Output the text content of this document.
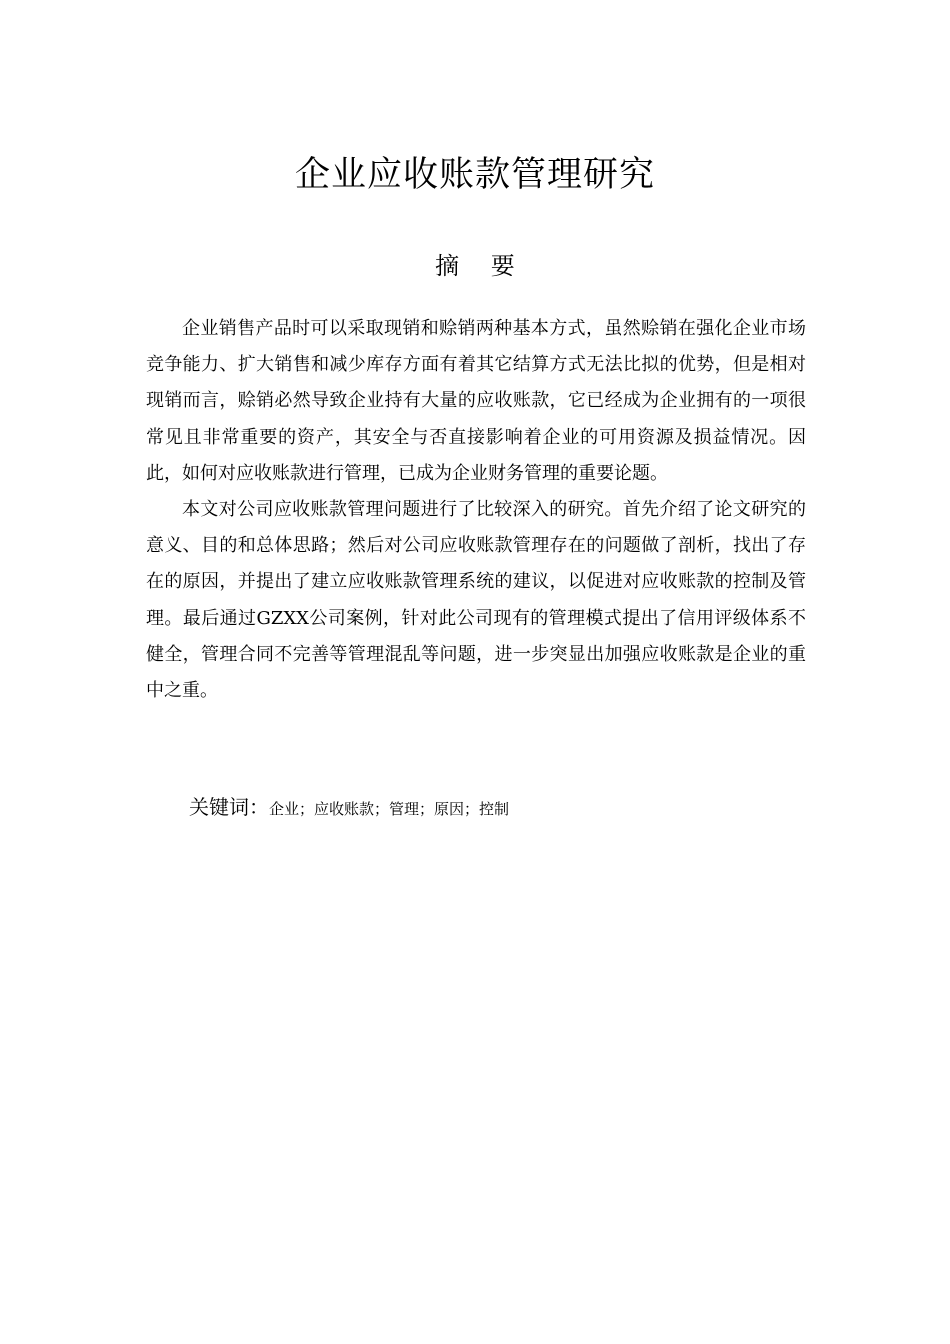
企业应收账款管理研究
摘 要

企业销售产品时可以采取现销和赊销两种基本方式，虽然赊销在强化企业市场竞争能力、扩大销售和减少库存方面有着其它结算方式无法比拟的优势，但是相对现销而言，赊销必然导致企业持有大量的应收账款，它已经成为企业拥有的一项很常见且非常重要的资产，其安全与否直接影响着企业的可用资源及损益情况。因此，如何对应收账款进行管理，已成为企业财务管理的重要论题。

本文对公司应收账款管理问题进行了比较深入的研究。首先介绍了论文研究的意义、目的和总体思路；然后对公司应收账款管理存在的问题做了剖析，找出了存在的原因，并提出了建立应收账款管理系统的建议，以促进对应收账款的控制及管理。最后通过GZXX公司案例，针对此公司现有的管理模式提出了信用评级体系不健全，管理合同不完善等管理混乱等问题，进一步突显出加强应收账款是企业的重中之重。

关键词：企业；应收账款；管理；原因；控制
